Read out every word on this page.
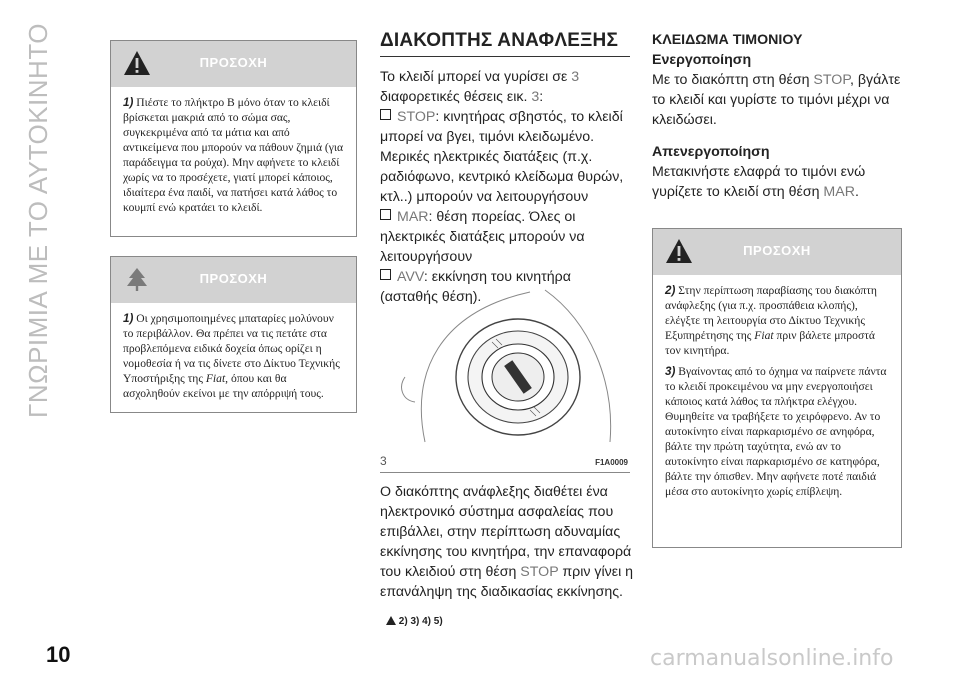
ΓΝΩΡΙΜΙΑ ΜΕ ΤΟ ΑΥΤΟΚΙΝΗΤΟ	ΠΡΟΣΟΧΗ

1) Πιέστε το πλήκτρο B μόνο όταν το κλειδί βρίσκεται μακριά από το σώμα σας, συγκεκριμένα από τα μάτια και από αντικείμενα που μπορούν να πάθουν ζημιά (για παράδειγμα τα ρούχα). Μην αφήνετε το κλειδί χωρίς να το προσέχετε, γιατί μπορεί κάποιος, ιδιαίτερα ένα παιδί, να πατήσει κατά λάθος το κουμπί ενώ κρατάει το κλειδί.

ΠΡΟΣΟΧΗ

1) Οι χρησιμοποιημένες μπαταρίες μολύνουν το περιβάλλον. Θα πρέπει να τις πετάτε στα προβλεπόμενα ειδικά δοχεία όπως ορίζει η νομοθεσία ή να τις δίνετε στο Δίκτυο Τεχνικής Υποστήριξης της Fiat, όπου και θα ασχοληθούν εκείνοι με την απόρριψή τους.

ΔΙΑΚΟΠΤΗΣ ΑΝΑΦΛΕΞΗΣ
Το κλειδί μπορεί να γυρίσει σε 3
διαφορετικές θέσεις εικ. 3:
STOP: κινητήρας σβηστός, το κλειδί μπορεί να βγει, τιμόνι κλειδωμένο. Μερικές ηλεκτρικές διατάξεις (π.χ. ραδιόφωνο, κεντρικό κλείδωμα θυρών, κτλ..) μπορούν να λειτουργήσουν
MAR: θέση πορείας. Όλες οι ηλεκτρικές διατάξεις μπορούν να λειτουργήσουν
AVV: εκκίνηση του κινητήρα (ασταθής θέση).
3	F1A0009
Ο διακόπτης ανάφλεξης διαθέτει ένα ηλεκτρονικό σύστημα ασφαλείας που επιβάλλει, στην περίπτωση αδυναμίας εκκίνησης του κινητήρα, την επαναφορά του κλειδιού στη θέση STOP πριν γίνει η επανάληψη της διαδικασίας εκκίνησης.
2) 3) 4) 5)
ΚΛΕΙΔΩΜΑ ΤΙΜΟΝΙΟΥ
Ενεργοποίηση
Με το διακόπτη στη θέση STOP, βγάλτε το κλειδί και γυρίστε το τιμόνι μέχρι να κλειδώσει.
Απενεργοποίηση
Μετακινήστε ελαφρά το τιμόνι ενώ γυρίζετε το κλειδί στη θέση MAR.
ΠΡΟΣΟΧΗ

2) Στην περίπτωση παραβίασης του διακόπτη ανάφλεξης (για π.χ. προσπάθεια κλοπής), ελέγξτε τη λειτουργία στο Δίκτυο Τεχνικής Εξυπηρέτησης της Fiat πριν βάλετε μπροστά τον κινητήρα.

3) Βγαίνοντας από το όχημα να παίρνετε πάντα το κλειδί προκειμένου να μην ενεργοποιήσει κάποιος κατά λάθος τα πλήκτρα ελέγχου. Θυμηθείτε να τραβήξετε το χειρόφρενο. Αν το αυτοκίνητο είναι παρκαρισμένο σε ανηφόρα, βάλτε την πρώτη ταχύτητα, ενώ αν το αυτοκίνητο είναι παρκαρισμένο σε κατηφόρα, βάλτε την όπισθεν. Μην αφήνετε ποτέ παιδιά μέσα στο αυτοκίνητο χωρίς επίβλεψη.

10	carmanualsonline.info
